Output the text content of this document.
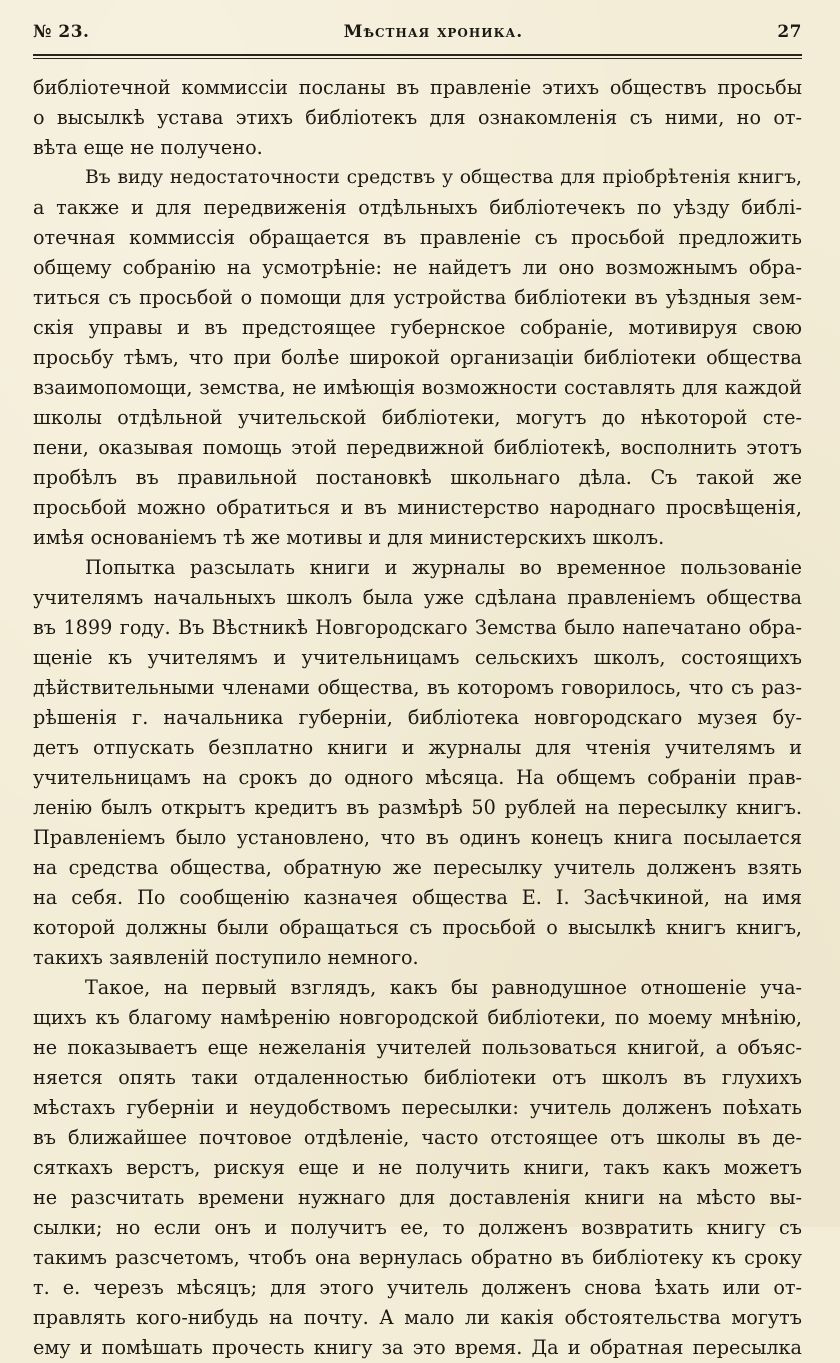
№ 23.	Мѣстная хроника.	27
библіотечной коммиссіи посланы въ правленіе этихъ обществъ просьбы
о высылкѣ устава этихъ библіотекъ для ознакомленія съ ними, но от-
вѣта еще не получено.
Въ виду недостаточности средствъ у общества для пріобрѣтенія книгъ,
а также и для передвиженія отдѣльныхъ библіотечекъ по уѣзду библі-
отечная коммиссія обращается въ правленіе съ просьбой предложить
общему собранію на усмотрѣніе: не найдетъ ли оно возможнымъ обра-
титься съ просьбой о помощи для устройства библіотеки въ уѣздныя зем-
скія управы и въ предстоящее губернское собраніе, мотивируя свою
просьбу тѣмъ, что при болѣе широкой организаціи библіотеки общества
взаимопомощи, земства, не имѣющія возможности составлять для каждой
школы отдѣльной учительской библіотеки, могутъ до нѣкоторой сте-
пени, оказывая помощь этой передвижной библіотекѣ, восполнить этотъ
пробѣлъ въ правильной постановкѣ школьнаго дѣла. Съ такой же
просьбой можно обратиться и въ министерство народнаго просвѣщенія,
имѣя основаніемъ тѣ же мотивы и для министерскихъ школъ.
Попытка разсылать книги и журналы во временное пользованіе
учителямъ начальныхъ школъ была уже сдѣлана правленіемъ общества
въ 1899 году. Въ Вѣстникѣ Новгородскаго Земства было напечатано обра-
щеніе къ учителямъ и учительницамъ сельскихъ школъ, состоящихъ
дѣйствительными членами общества, въ которомъ говорилось, что съ раз-
рѣшенія г. начальника губерніи, библіотека новгородскаго музея бу-
детъ отпускать безплатно книги и журналы для чтенія учителямъ и
учительницамъ на срокъ до одного мѣсяца. На общемъ собраніи прав-
ленію былъ открытъ кредитъ въ размѣрѣ 50 рублей на пересылку книгъ.
Правленіемъ было установлено, что въ одинъ конецъ книга посылается
на средства общества, обратную же пересылку учитель долженъ взять
на себя. По сообщенію казначея общества Е. І. Засѣчкиной, на имя
которой должны были обращаться съ просьбой о высылкѣ книгъ книгъ,
такихъ заявленій поступило немного.
Такое, на первый взглядъ, какъ бы равнодушное отношеніе уча-
щихъ къ благому намѣренію новгородской библіотеки, по моему мнѣнію,
не показываетъ еще нежеланія учителей пользоваться книгой, а объяс-
няется опять таки отдаленностью библіотеки отъ школъ въ глухихъ
мѣстахъ губерніи и неудобствомъ пересылки: учитель долженъ поѣхать
въ ближайшее почтовое отдѣленіе, часто отстоящее отъ школы въ де-
сяткахъ верстъ, рискуя еще и не получить книги, такъ какъ можетъ
не разсчитать времени нужнаго для доставленія книги на мѣсто вы-
сылки; но если онъ и получитъ ее, то долженъ возвратить книгу съ
такимъ разсчетомъ, чтобъ она вернулась обратно въ библіотеку къ сроку
т. е. черезъ мѣсяцъ; для этого учитель долженъ снова ѣхать или от-
правлять кого-нибудь на почту. А мало ли какія обстоятельства могутъ
ему и помѣшать прочесть книгу за это время. Да и обратная пересылка
